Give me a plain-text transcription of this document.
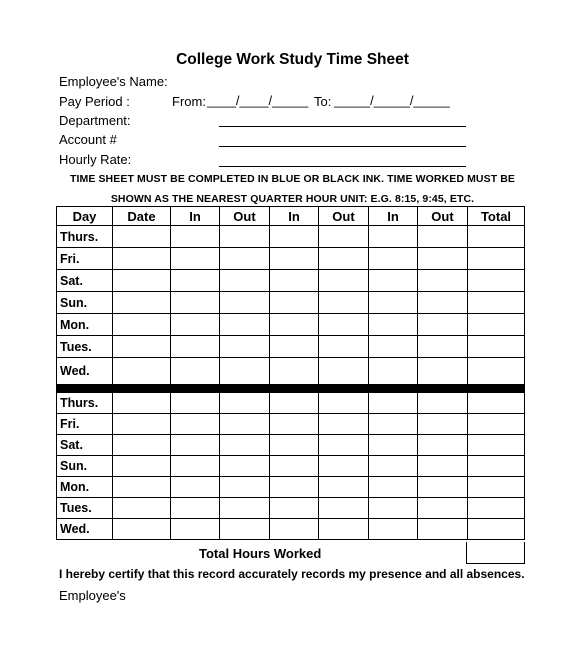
College Work Study Time Sheet
Employee's Name:
Pay Period :	From: ____/____/_____ To: _____/_____/_____
Department:
Account #
Hourly Rate:
TIME SHEET MUST BE COMPLETED IN BLUE OR BLACK INK. TIME WORKED MUST BE
SHOWN AS THE NEAREST QUARTER HOUR UNIT: E.G. 8:15, 9:45, ETC.
Day	Date	In	Out	In	Out	In	Out	Total
Thurs.								
Fri.								
Sat.								
Sun.								
Mon.								
Tues.								
Wed.								

Thurs.								
Fri.								
Sat.								
Sun.								
Mon.								
Tues.								
Wed.								
Total Hours Worked
I hereby certify that this record accurately records my presence and all absences.
Employee's
